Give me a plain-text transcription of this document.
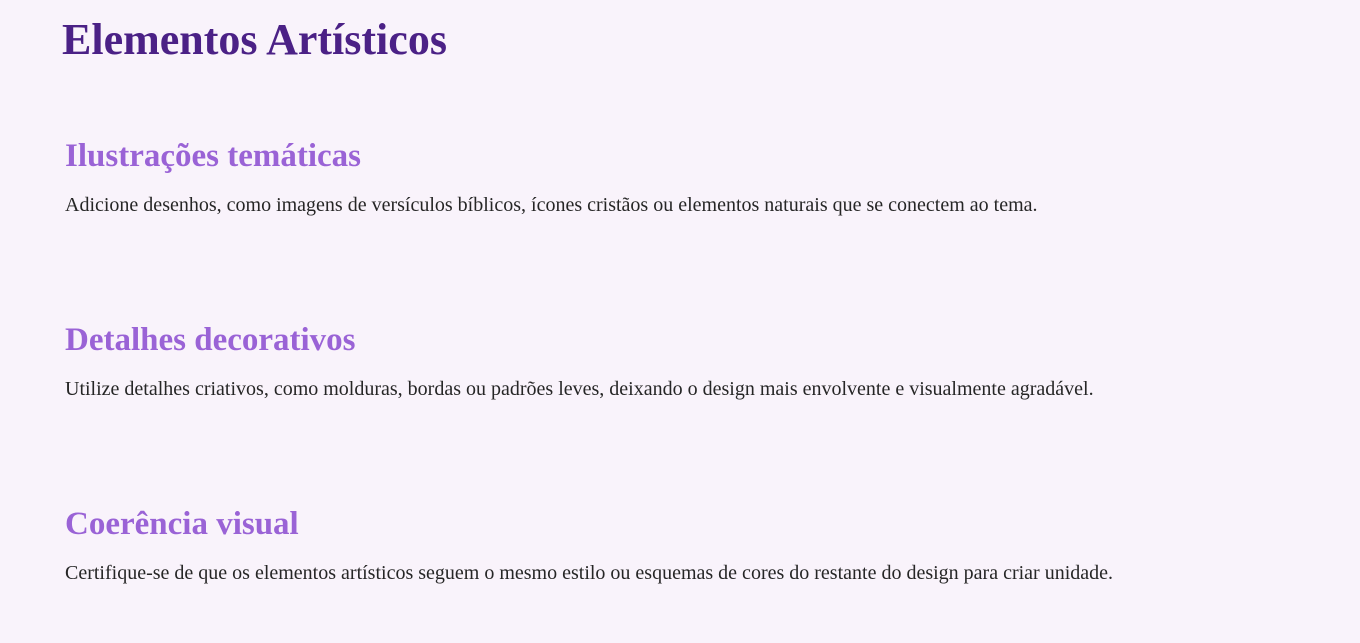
Elementos Artísticos
Ilustrações temáticas

Adicione desenhos, como imagens de versículos bíblicos, ícones cristãos ou elementos naturais que se conectem ao tema.

Detalhes decorativos

Utilize detalhes criativos, como molduras, bordas ou padrões leves, deixando o design mais envolvente e visualmente agradável.

Coerência visual

Certifique-se de que os elementos artísticos seguem o mesmo estilo ou esquemas de cores do restante do design para criar unidade.
